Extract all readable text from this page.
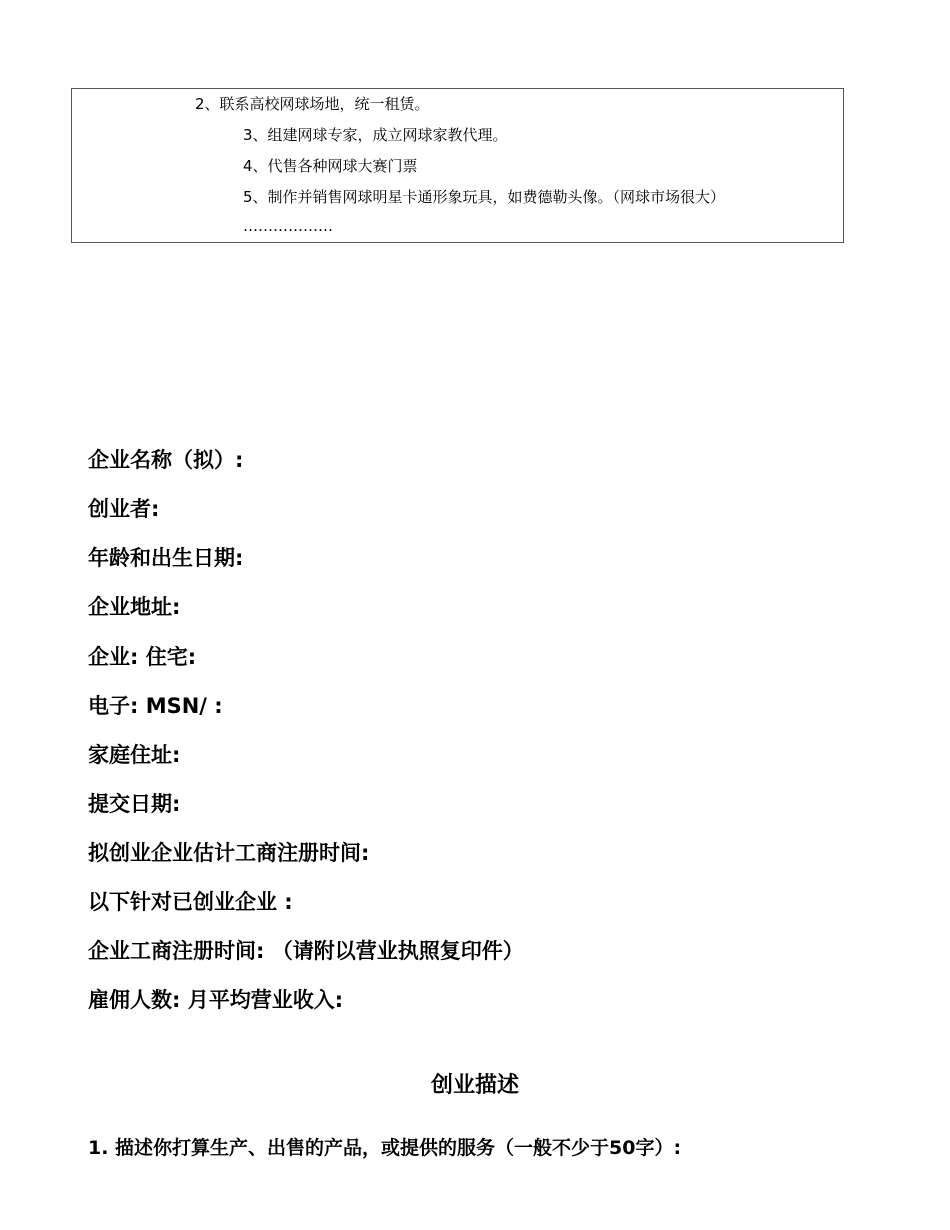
2、联系高校网球场地，统一租赁。
3、组建网球专家，成立网球家教代理。
4、代售各种网球大赛门票
5、制作并销售网球明星卡通形象玩具，如费德勒头像。（网球市场很大）
………………
企业名称（拟）:
创业者:
年龄和出生日期:
企业地址:
企业: 住宅:
电子: MSN/ :
家庭住址:
提交日期:
拟创业企业估计工商注册时间:
以下针对已创业企业 :
企业工商注册时间: （请附以营业执照复印件）
雇佣人数: 月平均营业收入:
创业描述
1. 描述你打算生产、出售的产品，或提供的服务（一般不少于50字）:
